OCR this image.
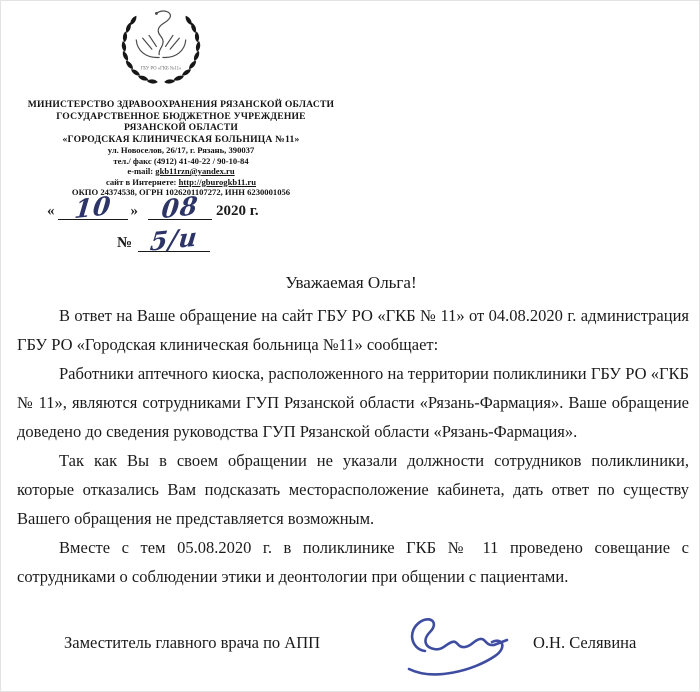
ГБУ РО «ГКБ №11»
МИНИСТЕРСТВО ЗДРАВООХРАНЕНИЯ РЯЗАНСКОЙ ОБЛАСТИ
ГОСУДАРСТВЕННОЕ БЮДЖЕТНОЕ УЧРЕЖДЕНИЕ
РЯЗАНСКОЙ ОБЛАСТИ
«ГОРОДСКАЯ КЛИНИЧЕСКАЯ БОЛЬНИЦА №11»
ул. Новоселов, 26/17, г. Рязань, 390037
тел./ факс (4912) 41-40-22 / 90-10-84
e-mail: gkb11rzn@yandex.ru
сайт в Интернете: http://gburogkb11.ru
ОКПО 24374538, ОГРН 1026201107272, ИНН 6230001056
« 10 » 08 2020 г.
№ 5/и
Уважаемая Ольга!

В ответ на Ваше обращение на сайт ГБУ РО «ГКБ № 11» от 04.08.2020 г. администрация ГБУ РО «Городская клиническая больница №11» сообщает:

Работники аптечного киоска, расположенного на территории поликлиники ГБУ РО «ГКБ № 11», являются сотрудниками ГУП Рязанской области «Рязань-Фармация». Ваше обращение доведено до сведения руководства ГУП Рязанской области «Рязань-Фармация».

Так как Вы в своем обращении не указали должности сотрудников поликлиники, которые отказались Вам подсказать месторасположение кабинета, дать ответ по существу Вашего обращения не представляется возможным.

Вместе с тем 05.08.2020 г. в поликлинике ГКБ № 11 проведено совещание с сотрудниками о соблюдении этики и деонтологии при общении с пациентами.

Заместитель главного врача по АПП	О.Н. Селявина
